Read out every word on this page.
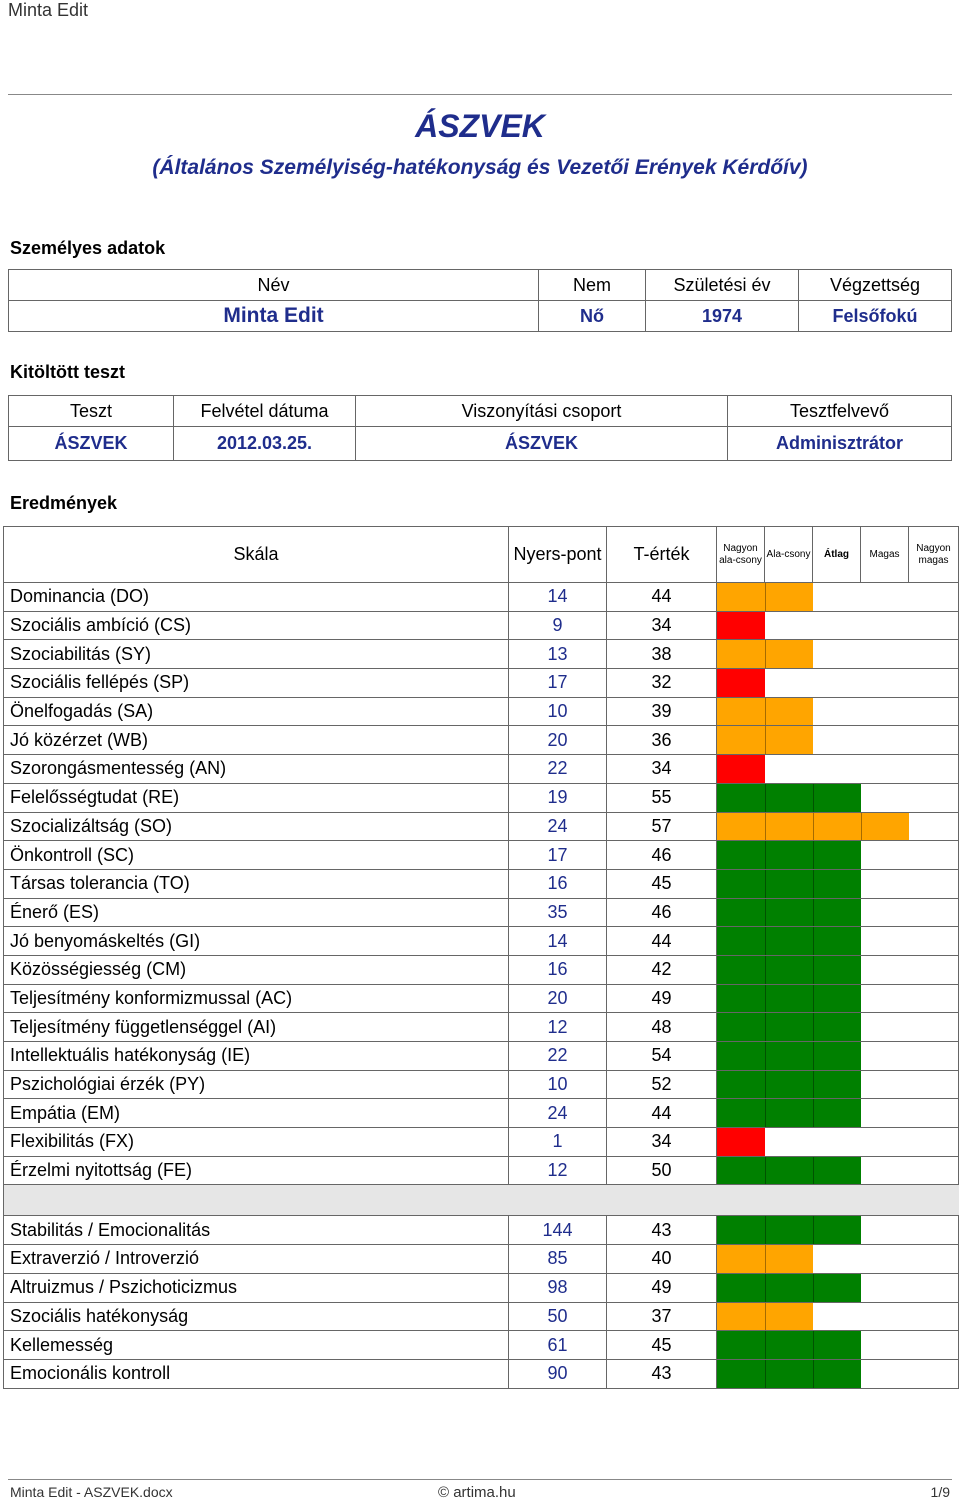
Minta Edit
ÁSZVEK
(Általános Személyiség-hatékonyság és Vezetői Erények Kérdőív)
Személyes adatok
Név	Nem	Születési év	Végzettség
Minta Edit	Nő	1974	Felsőfokú
Kitöltött teszt
Teszt	Felvétel dátuma	Viszonyítási csoport	Tesztfelvevő
ÁSZVEK	2012.03.25.	ÁSZVEK	Adminisztrátor
Eredmények
Skála	Nyers-pont	T-érték	Nagyon ala-csony	Ala-csony	Átlag	Magas	Nagyon magas
Dominancia (DO)	14	44					

Szociális ambíció (CS)	9	34					

Szociabilitás (SY)	13	38					

Szociális fellépés (SP)	17	32					

Önelfogadás (SA)	10	39					

Jó közérzet (WB)	20	36					

Szorongásmentesség (AN)	22	34					

Felelősségtudat (RE)	19	55					

Szocializáltság (SO)	24	57					

Önkontroll (SC)	17	46					

Társas tolerancia (TO)	16	45					

Énerő (ES)	35	46					

Jó benyomáskeltés (GI)	14	44					

Közösségiesség (CM)	16	42					

Teljesítmény konformizmussal (AC)	20	49					

Teljesítmény függetlenséggel (AI)	12	48					

Intellektuális hatékonyság (IE)	22	54					

Pszichológiai érzék (PY)	10	52					

Empátia (EM)	24	44					

Flexibilitás (FX)	1	34					

Érzelmi nyitottság (FE)	12	50					

Stabilitás / Emocionalitás	144	43					

Extraverzió / Introverzió	85	40					

Altruizmus / Pszichoticizmus	98	49					

Szociális hatékonyság	50	37					

Kellemesség	61	45					

Emocionális kontroll	90	43					
Minta Edit - ASZVEK.docx	© artima.hu	1/9
